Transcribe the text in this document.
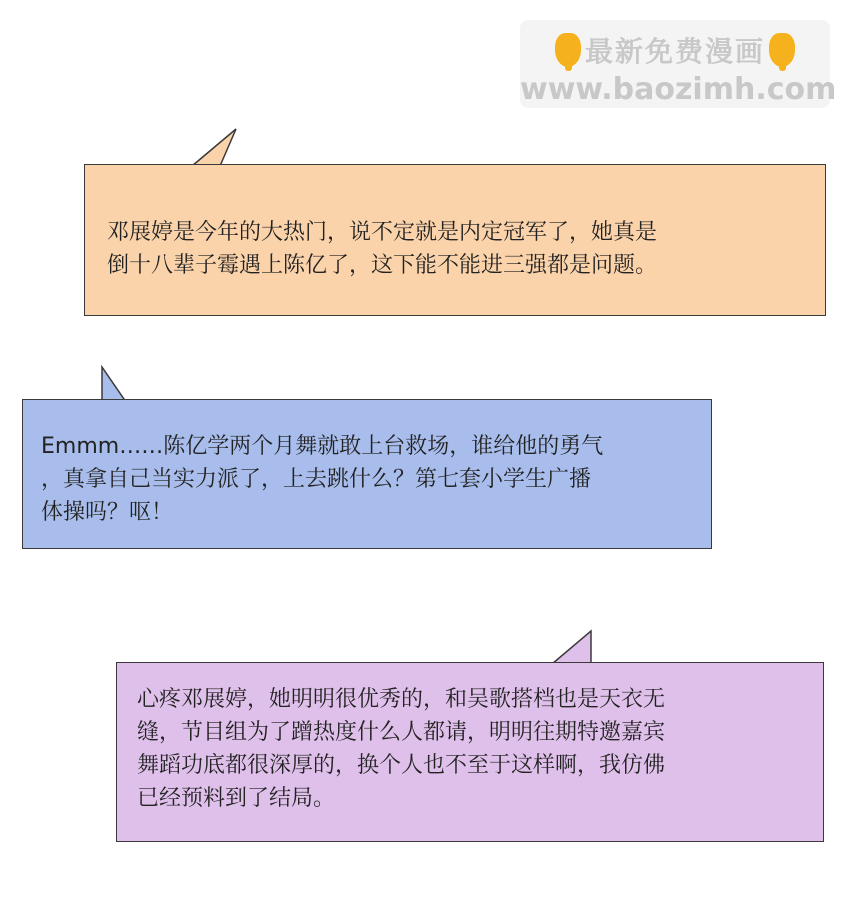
最新免费漫画
www.baozimh.com

邓展婷是今年的大热门，说不定就是内定冠军了，她真是

倒十八辈子霉遇上陈亿了，这下能不能进三强都是问题。

Emmm……陈亿学两个月舞就敢上台救场，谁给他的勇气

，真拿自己当实力派了，上去跳什么？第七套小学生广播

体操吗？呕！

心疼邓展婷，她明明很优秀的，和吴歌搭档也是天衣无

缝，节目组为了蹭热度什么人都请，明明往期特邀嘉宾

舞蹈功底都很深厚的，换个人也不至于这样啊，我仿佛

已经预料到了结局。
